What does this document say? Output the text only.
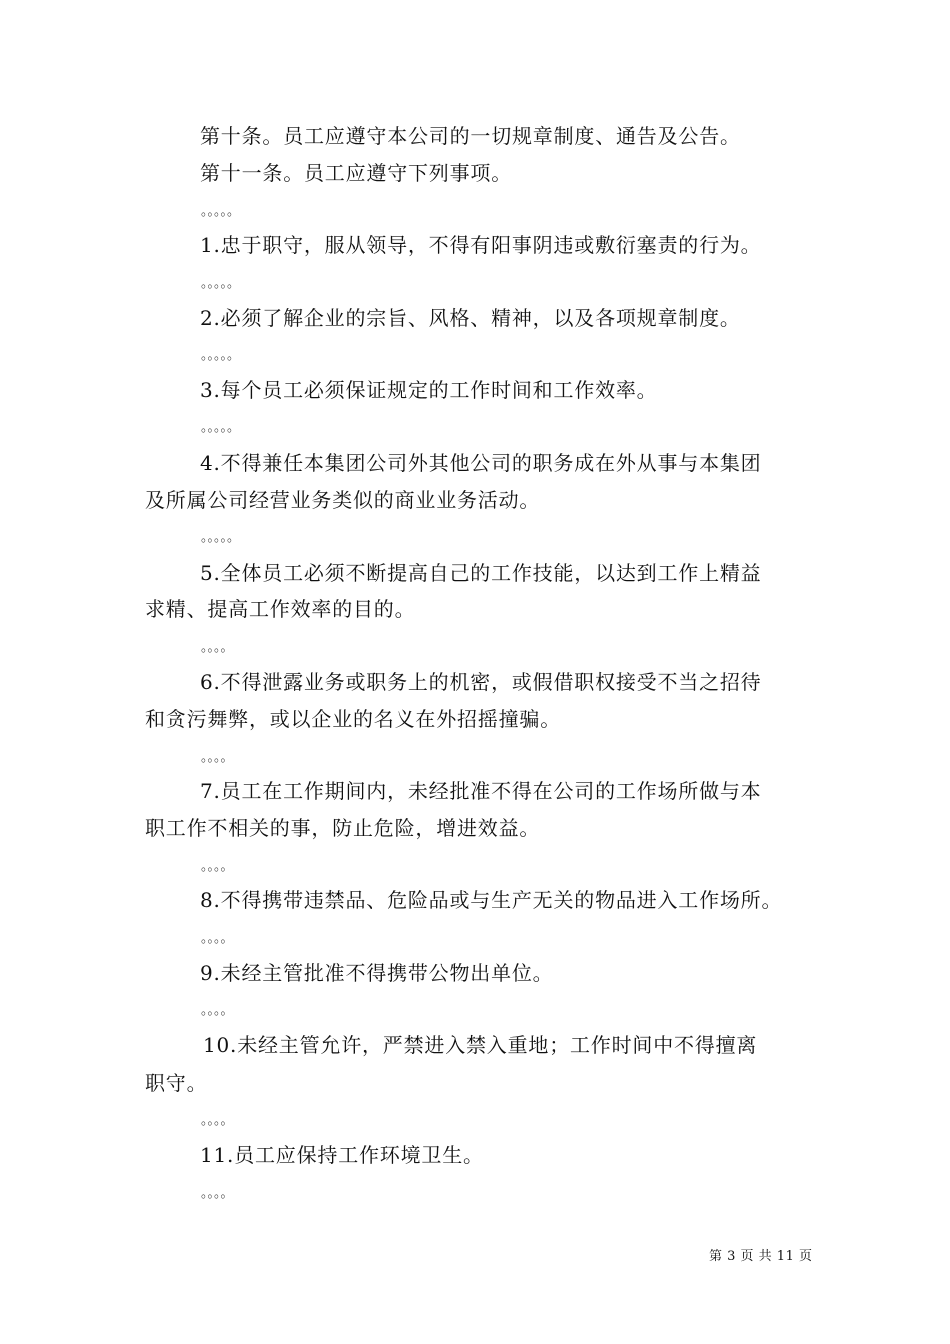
第十条。员工应遵守本公司的一切规章制度、通告及公告。
第十一条。员工应遵守下列事项。
。。。。。
1.忠于职守，服从领导，不得有阳事阴违或敷衍塞责的行为。
。。。。。
2.必须了解企业的宗旨、风格、精神，以及各项规章制度。
。。。。。
3.每个员工必须保证规定的工作时间和工作效率。
。。。。。
4.不得兼任本集团公司外其他公司的职务成在外从事与本集团
及所属公司经营业务类似的商业业务活动。
。。。。。
5.全体员工必须不断提高自己的工作技能，以达到工作上精益
求精、提高工作效率的目的。
。。。。
6.不得泄露业务或职务上的机密，或假借职权接受不当之招待
和贪污舞弊，或以企业的名义在外招摇撞骗。
。。。。
7.员工在工作期间内，未经批准不得在公司的工作场所做与本
职工作不相关的事，防止危险，增进效益。
。。。。
8.不得携带违禁品、危险品或与生产无关的物品进入工作场所。
。。。。
9.未经主管批准不得携带公物出单位。
。。。。
10.未经主管允许，严禁进入禁入重地；工作时间中不得擅离
职守。
。。。。
11.员工应保持工作环境卫生。
。。。。
第 3 页 共 11 页
